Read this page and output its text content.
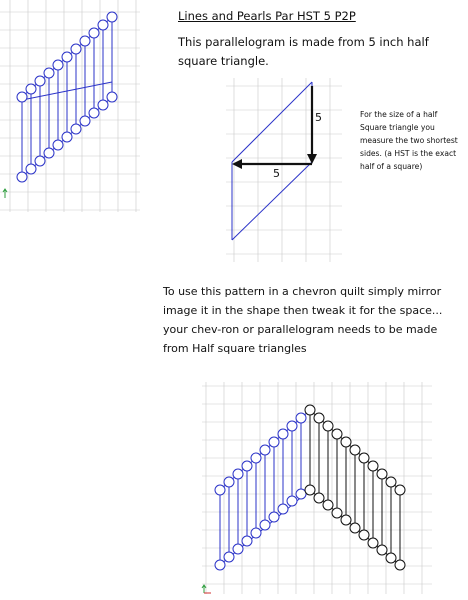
Lines and Pearls Par HST 5 P2P
This parallelogram is made from 5 inch half square triangle.
For the size of a half Square triangle you measure the two shortest sides. (a HST is the exact half of a square)
To use this pattern in a chevron quilt simply mirror image it in the shape then tweak it for the space... your chev-ron or parallelogram needs to be made from Half square triangles
5
5
